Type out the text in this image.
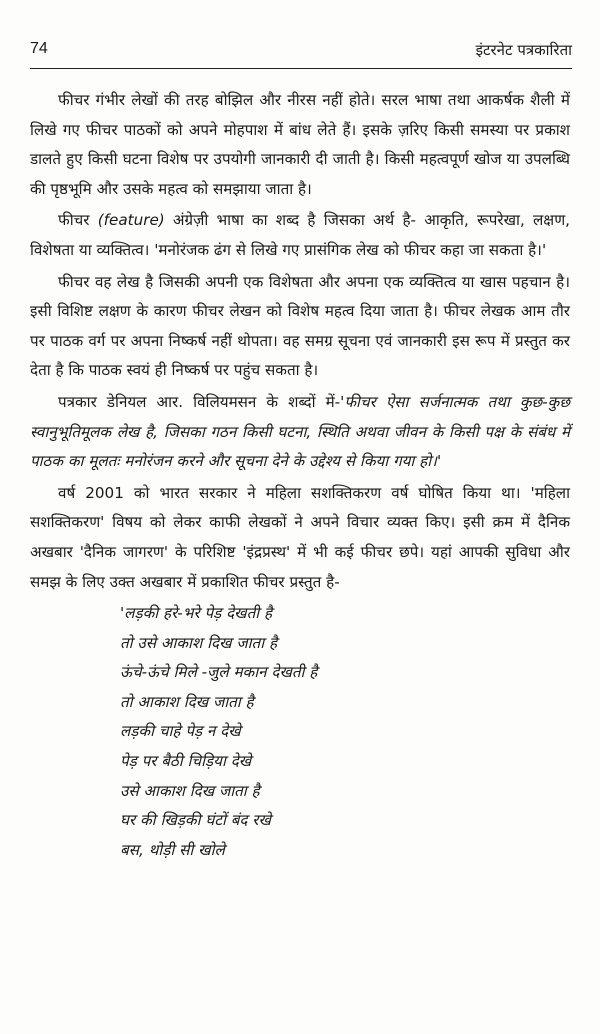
74	इंटरनेट पत्रकारिता

फीचर गंभीर लेखों की तरह बोझिल और नीरस नहीं होते। सरल भाषा तथा आकर्षक शैली में लिखे गए फीचर पाठकों को अपने मोहपाश में बांध लेते हैं। इसके ज़रिए किसी समस्या पर प्रकाश डालते हुए किसी घटना विशेष पर उपयोगी जानकारी दी जाती है। किसी महत्वपूर्ण खोज या उपलब्धि की पृष्ठभूमि और उसके महत्व को समझाया जाता है।

फीचर (feature) अंग्रेज़ी भाषा का शब्द है जिसका अर्थ है- आकृति, रूपरेखा, लक्षण, विशेषता या व्यक्तित्व। 'मनोरंजक ढंग से लिखे गए प्रासंगिक लेख को फीचर कहा जा सकता है।'

फीचर वह लेख है जिसकी अपनी एक विशेषता और अपना एक व्यक्तित्व या खास पहचान है। इसी विशिष्ट लक्षण के कारण फीचर लेखन को विशेष महत्व दिया जाता है। फीचर लेखक आम तौर पर पाठक वर्ग पर अपना निष्कर्ष नहीं थोपता। वह समग्र सूचना एवं जानकारी इस रूप में प्रस्तुत कर देता है कि पाठक स्वयं ही निष्कर्ष पर पहुंच सकता है।

पत्रकार डेनियल आर. विलियमसन के शब्दों में-'फीचर ऐसा सर्जनात्मक तथा कुछ-कुछ स्वानुभूतिमूलक लेख है, जिसका गठन किसी घटना, स्थिति अथवा जीवन के किसी पक्ष के संबंध में पाठक का मूलतः मनोरंजन करने और सूचना देने के उद्देश्य से किया गया हो।'

वर्ष 2001 को भारत सरकार ने महिला सशक्तिकरण वर्ष घोषित किया था। 'महिला सशक्तिकरण' विषय को लेकर काफी लेखकों ने अपने विचार व्यक्त किए। इसी क्रम में दैनिक अखबार 'दैनिक जागरण' के परिशिष्ट 'इंद्रप्रस्थ' में भी कई फीचर छपे। यहां आपकी सुविधा और समझ के लिए उक्त अखबार में प्रकाशित फीचर प्रस्तुत है-

'लड़की हरे-भरे पेड़ देखती है
तो उसे आकाश दिख जाता है
ऊंचे-ऊंचे मिले -जुले मकान देखती है
तो आकाश दिख जाता है
लड़की चाहे पेड़ न देखे
पेड़ पर बैठी चिड़िया देखे
उसे आकाश दिख जाता है
घर की खिड़की घंटों बंद रखे
बस, थोड़ी सी खोले
